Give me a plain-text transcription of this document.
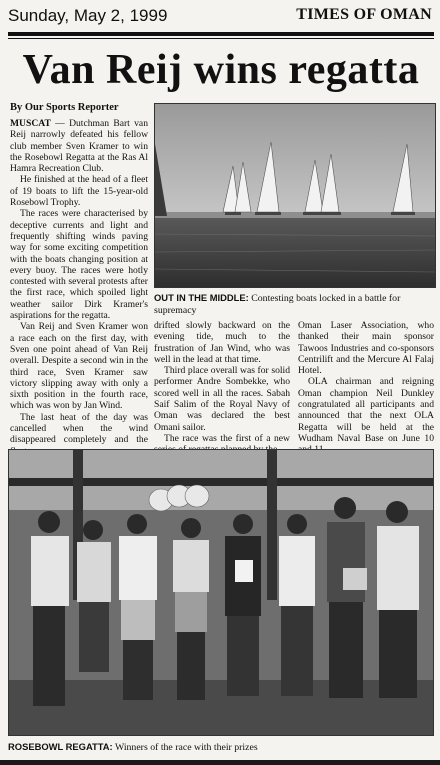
Sunday, May 2, 1999	TIMES OF OMAN
Van Reij wins regatta
By Our Sports Reporter

MUSCAT — Dutchman Bart van Reij narrowly defeated his fellow club member Sven Kramer to win the Rosebowl Regatta at the Ras Al Hamra Recreation Club.

He finished at the head of a fleet of 19 boats to lift the 15-year-old Rosebowl Trophy.

The races were characterised by deceptive currents and light and frequently shifting winds paving way for some exciting competition with the boats changing position at every buoy. The races were hotly contested with several protests after the first race, which spoiled light weather sailor Dirk Kramer's aspirations for the regatta.

Van Reij and Sven Kramer won a race each on the first day, with Sven one point ahead of Van Reij overall. Despite a second win in the third race, Sven Kramer saw victory slipping away with only a sixth position in the fourth race, which was won by Jan Wind.

The last heat of the day was cancelled when the wind disappeared completely and the

OUT IN THE MIDDLE: Contesting boats locked in a battle for supremacy

drifted slowly backward on the evening tide, much to the frustration of Jan Wind, who was well in the lead at that time.

Third place overall was for solid performer Andre Sombekke, who scored well in all the races. Sabah Saif Salim of the Royal Navy of Oman was declared the best Omani sailor.

The race was the first of a new

Oman Laser Association, who thanked their main sponsor Tawoos Industries and co-sponsors Centrilift and the Mercure Al Falaj Hotel.

OLA chairman and reigning Oman champion Neil Dunkley congratulated all participants and announced that the next OLA Regatta will be held at the Wudham Naval Base on June 10

ROSEBOWL REGATTA: Winners of the race with their prizes
